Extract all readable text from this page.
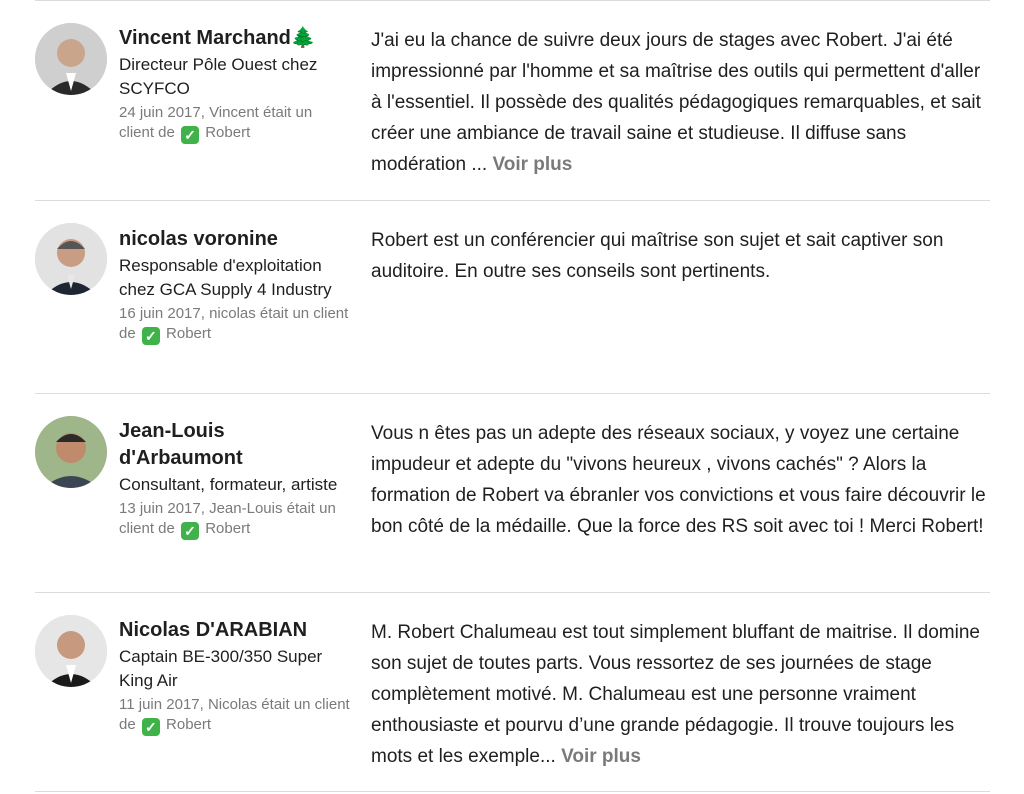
Vincent Marchand🌲
Directeur Pôle Ouest chez SCYFCO
24 juin 2017, Vincent était un client de ✓ Robert
J'ai eu la chance de suivre deux jours de stages avec Robert. J'ai été impressionné par l'homme et sa maîtrise des outils qui permettent d'aller à l'essentiel. Il possède des qualités pédagogiques remarquables, et sait créer une ambiance de travail saine et studieuse. Il diffuse sans modération ... Voir plus
nicolas voronine
Responsable d'exploitation chez GCA Supply 4 Industry
16 juin 2017, nicolas était un client de ✓ Robert
Robert est un conférencier qui maîtrise son sujet et sait captiver son auditoire. En outre ses conseils sont pertinents.
Jean-Louis d'Arbaumont
Consultant, formateur, artiste
13 juin 2017, Jean-Louis était un client de ✓ Robert
Vous n êtes pas un adepte des réseaux sociaux, y voyez une certaine impudeur et adepte du "vivons heureux , vivons cachés" ? Alors la formation de Robert va ébranler vos convictions et vous faire découvrir le bon côté de la médaille. Que la force des RS soit avec toi ! Merci Robert!
Nicolas D'ARABIAN
Captain BE-300/350 Super King Air
11 juin 2017, Nicolas était un client de ✓ Robert
M. Robert Chalumeau est tout simplement bluffant de maitrise. Il domine son sujet de toutes parts. Vous ressortez de ses journées de stage complètement motivé. M. Chalumeau est une personne vraiment enthousiaste et pourvu d’une grande pédagogie. Il trouve toujours les mots et les exemple... Voir plus
